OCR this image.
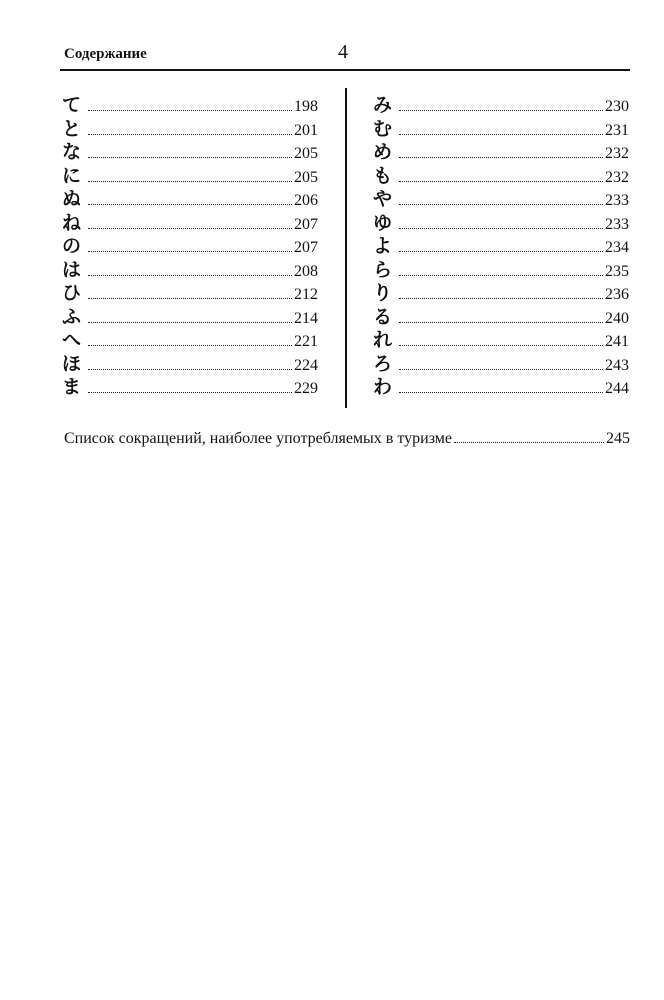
Содержание	4
て	198
と	201
な	205
に	205
ぬ	206
ね	207
の	207
は	208
ひ	212
ふ	214
へ	221
ほ	224
ま	229
み	230
む	231
め	232
も	232
や	233
ゆ	233
よ	234
ら	235
り	236
る	240
れ	241
ろ	243
わ	244
Список сокращений, наиболее употребляемых в туризме	245
